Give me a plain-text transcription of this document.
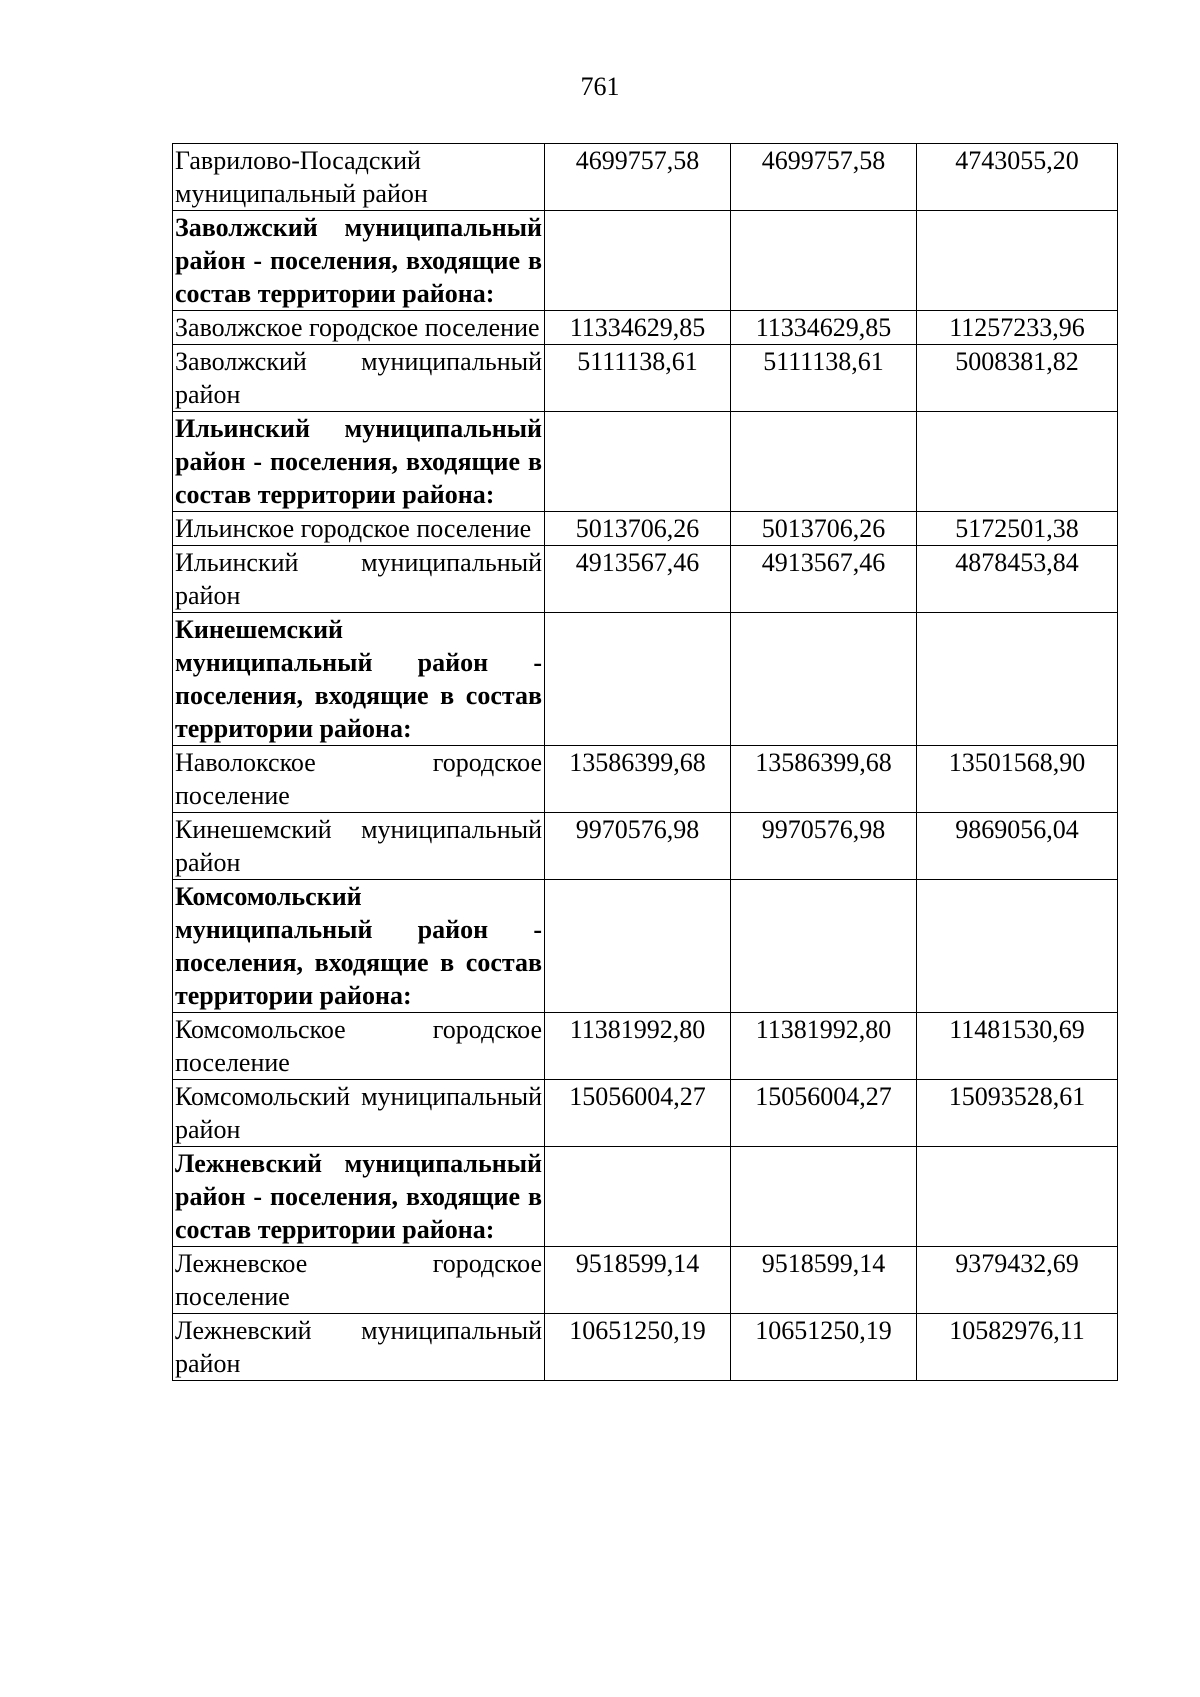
761
Гаврилово-Посадский муниципальный район	4699757,58	4699757,58	4743055,20
Заволжский муниципальный район - поселения, входящие в состав территории района:			
Заволжское городское поселение	11334629,85	11334629,85	11257233,96
Заволжский муниципальный район	5111138,61	5111138,61	5008381,82
Ильинский муниципальный район - поселения, входящие в состав территории района:			
Ильинское городское поселение	5013706,26	5013706,26	5172501,38
Ильинский муниципальный район	4913567,46	4913567,46	4878453,84
Кинешемский муниципальный район - поселения, входящие в состав территории района:			
Наволокское городское поселение	13586399,68	13586399,68	13501568,90
Кинешемский муниципальный район	9970576,98	9970576,98	9869056,04
Комсомольский муниципальный район - поселения, входящие в состав территории района:			
Комсомольское городское поселение	11381992,80	11381992,80	11481530,69
Комсомольский муниципальный район	15056004,27	15056004,27	15093528,61
Лежневский муниципальный район - поселения, входящие в состав территории района:			
Лежневское городское поселение	9518599,14	9518599,14	9379432,69
Лежневский муниципальный район	10651250,19	10651250,19	10582976,11
